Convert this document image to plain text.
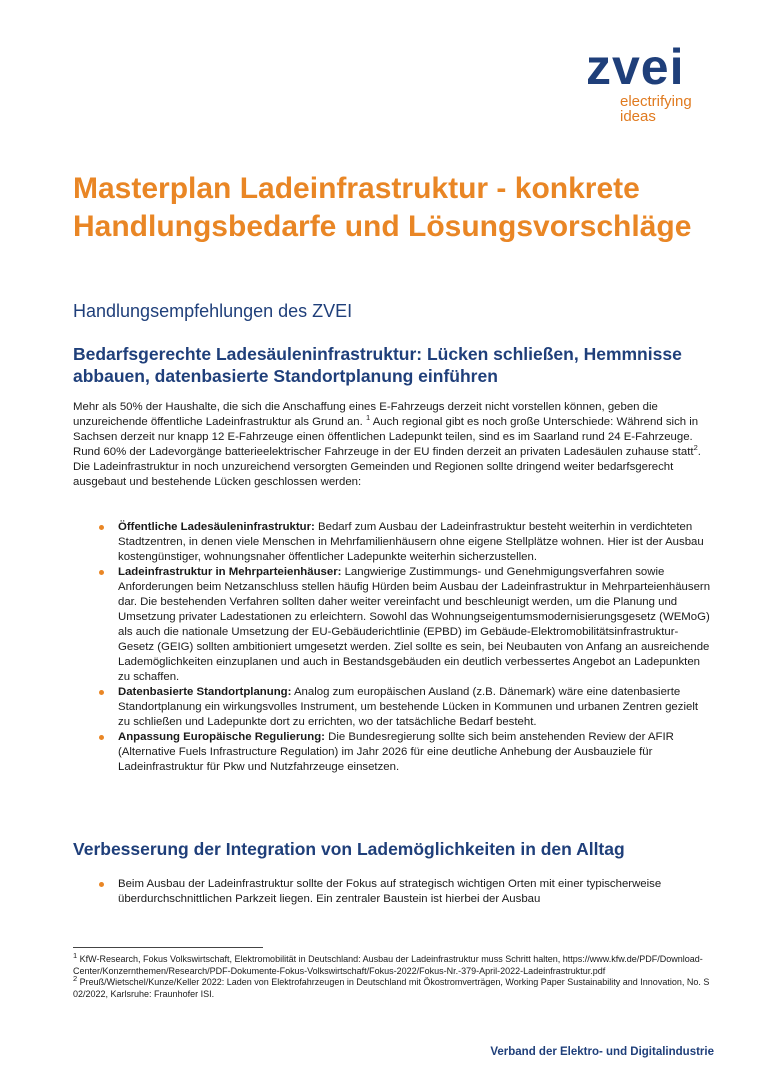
zvei
electrifying
ideas
Masterplan Ladeinfrastruktur - konkrete Handlungsbedarfe und Lösungsvorschläge

Handlungsempfehlungen des ZVEI

Bedarfsgerechte Ladesäuleninfrastruktur: Lücken schließen, Hemmnisse abbauen, datenbasierte Standortplanung einführen
Mehr als 50% der Haushalte, die sich die Anschaffung eines E-Fahrzeugs derzeit nicht vorstellen können, geben die unzureichende öffentliche Ladeinfrastruktur als Grund an. $^1$ Auch regional gibt es noch große Unterschiede: Während sich in Sachsen derzeit nur knapp 12 E-Fahrzeuge einen öffentlichen Ladepunkt teilen, sind es im Saarland rund 24 E-Fahrzeuge. Rund 60% der Ladevorgänge batterieelektrischer Fahrzeuge in der EU finden derzeit an privaten Ladesäulen zuhause statt$^2$.
Die Ladeinfrastruktur in noch unzureichend versorgten Gemeinden und Regionen sollte dringend weiter bedarfsgerecht ausgebaut und bestehende Lücken geschlossen werden:
Öffentliche Ladesäuleninfrastruktur: Bedarf zum Ausbau der Ladeinfrastruktur besteht weiterhin in verdichteten Stadtzentren, in denen viele Menschen in Mehrfamilienhäusern ohne eigene Stellplätze wohnen. Hier ist der Ausbau kostengünstiger, wohnungsnaher öffentlicher Ladepunkte weiterhin sicherzustellen.
Ladeinfrastruktur in Mehrparteienhäuser: Langwierige Zustimmungs- und Genehmigungsverfahren sowie Anforderungen beim Netzanschluss stellen häufig Hürden beim Ausbau der Ladeinfrastruktur in Mehrparteienhäusern dar. Die bestehenden Verfahren sollten daher weiter vereinfacht und beschleunigt werden, um die Planung und Umsetzung privater Ladestationen zu erleichtern. Sowohl das Wohnungseigentumsmodernisierungsgesetz (WEMoG) als auch die nationale Umsetzung der EU-Gebäuderichtlinie (EPBD) im Gebäude-Elektromobilitätsinfrastruktur-Gesetz (GEIG) sollten ambitioniert umgesetzt werden. Ziel sollte es sein, bei Neubauten von Anfang an ausreichende Lademöglichkeiten einzuplanen und auch in Bestandsgebäuden ein deutlich verbessertes Angebot an Ladepunkten zu schaffen.
Datenbasierte Standortplanung: Analog zum europäischen Ausland (z.B. Dänemark) wäre eine datenbasierte Standortplanung ein wirkungsvolles Instrument, um bestehende Lücken in Kommunen und urbanen Zentren gezielt zu schließen und Ladepunkte dort zu errichten, wo der tatsächliche Bedarf besteht.
Anpassung Europäische Regulierung: Die Bundesregierung sollte sich beim anstehenden Review der AFIR (Alternative Fuels Infrastructure Regulation) im Jahr 2026 für eine deutliche Anhebung der Ausbauziele für Ladeinfrastruktur für Pkw und Nutzfahrzeuge einsetzen.
Verbesserung der Integration von Lademöglichkeiten in den Alltag
Beim Ausbau der Ladeinfrastruktur sollte der Fokus auf strategisch wichtigen Orten mit einer typischerweise überdurchschnittlichen Parkzeit liegen. Ein zentraler Baustein ist hierbei der Ausbau

$^1$ KfW-Research, Fokus Volkswirtschaft, Elektromobilität in Deutschland: Ausbau der Ladeinfrastruktur muss Schritt halten, https://www.kfw.de/PDF/Download-Center/Konzernthemen/Research/PDF-Dokumente-Fokus-Volkswirtschaft/Fokus-2022/Fokus-Nr.-379-April-2022-Ladeinfrastruktur.pdf

$^2$ Preuß/Wietschel/Kunze/Keller 2022: Laden von Elektrofahrzeugen in Deutschland mit Ökostromverträgen, Working Paper Sustainability and Innovation, No. S 02/2022, Karlsruhe: Fraunhofer ISI.

Verband der Elektro- und Digitalindustrie
